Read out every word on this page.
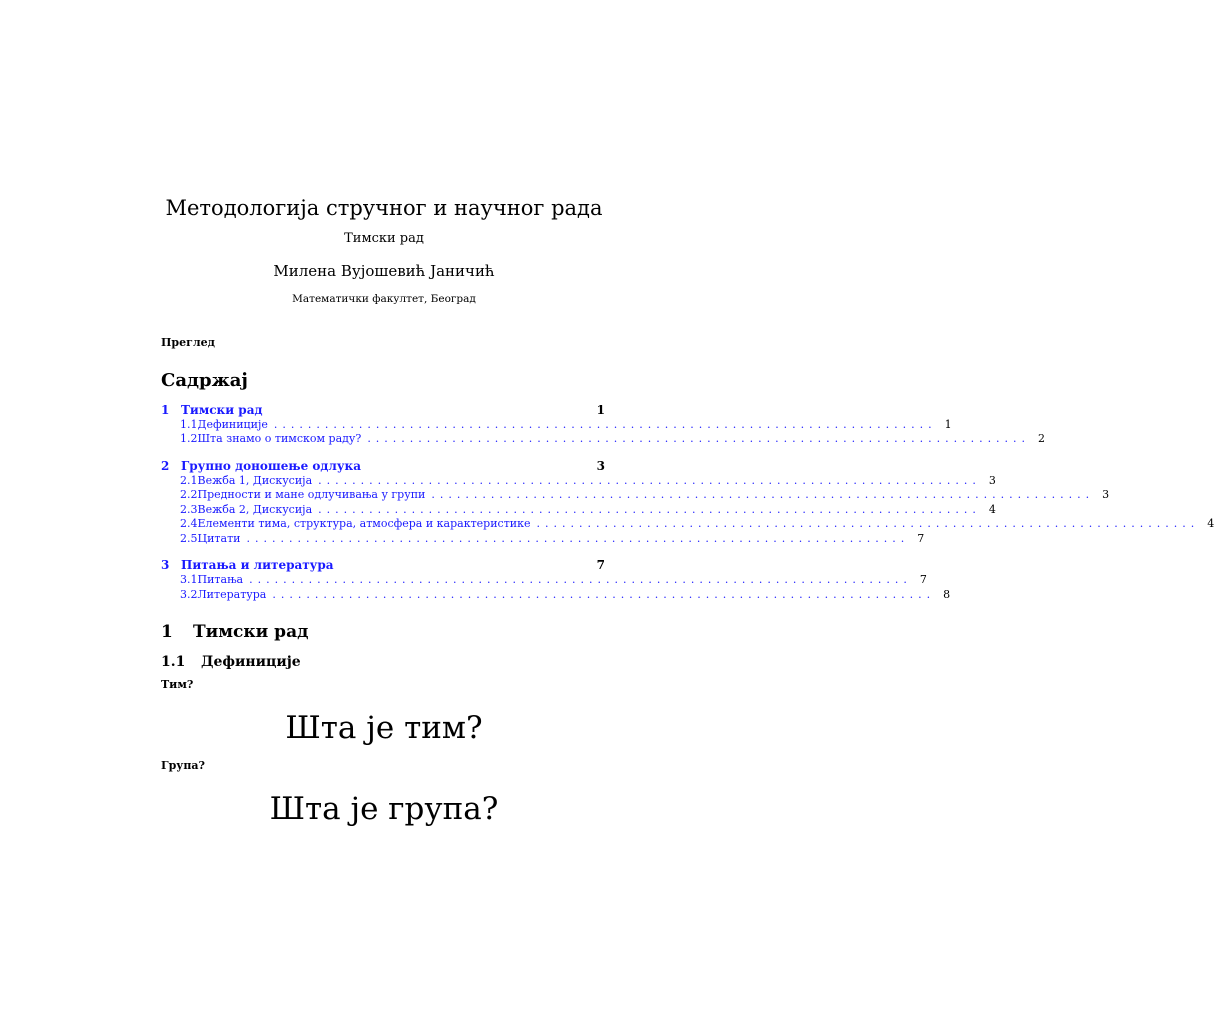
Методологија стручног и научног рада
Тимски рад
Милена Вујошевић Јаничић
Математички факултет, Београд
Преглед
Садржај
1 Тимски рад	1
1.1 Дефиниције .............................................................................. 1
1.2 Шта знамо о тимском раду? .............................................................................. 2
2 Групно доношење одлука	3
2.1 Вежба 1, Дискусија .............................................................................. 3
2.2 Предности и мане одлучивања у групи .............................................................................. 3
2.3 Вежба 2, Дискусија .............................................................................. 4
2.4 Елементи тима, структура, атмосфера и карактеристике .............................................................................. 4
2.5 Цитати .............................................................................. 7
3 Питања и литература	7
3.1 Питања .............................................................................. 7
3.2 Литература .............................................................................. 8
1 Тимски рад
1.1 Дефиниције
Тим?
Шта је тим?
Група?
Шта је група?
